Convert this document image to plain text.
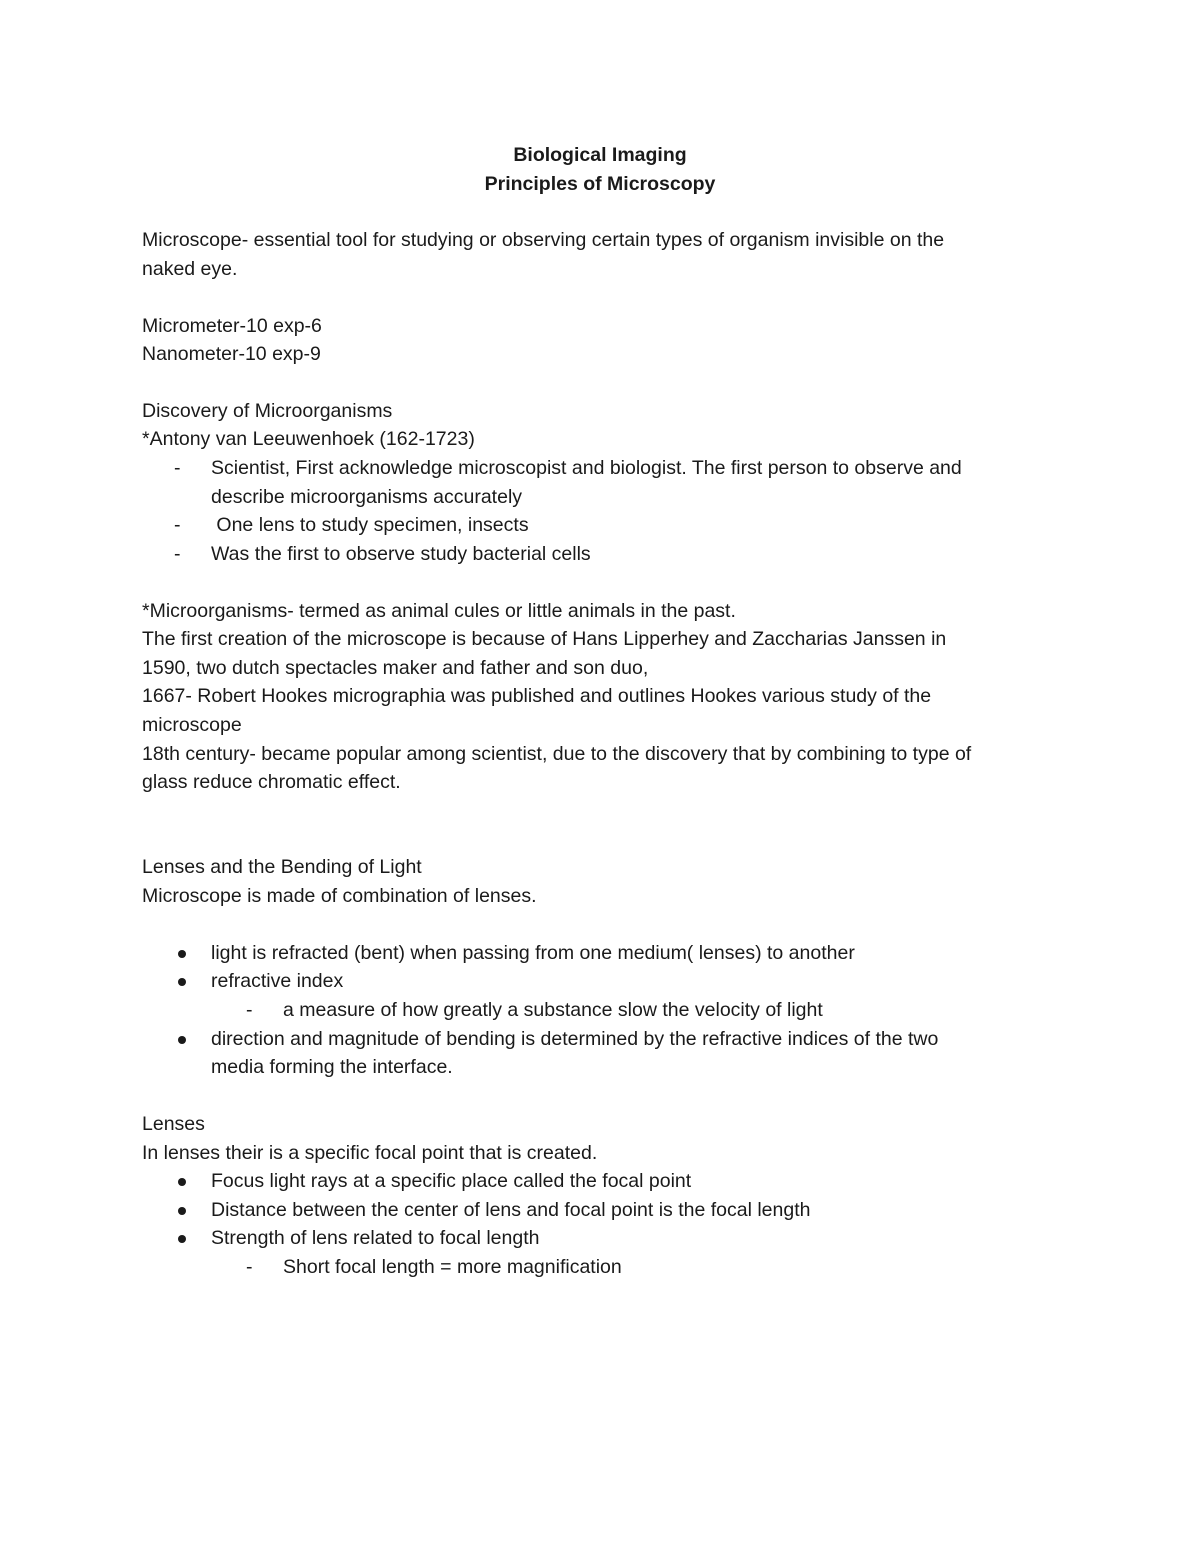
Biological Imaging
Principles of Microscopy
Microscope- essential tool for studying or observing certain types of organism invisible on the
naked eye.
Micrometer-10 exp-6
Nanometer-10 exp-9
Discovery of Microorganisms
*Antony van Leeuwenhoek (162-1723)
- Scientist, First acknowledge microscopist and biologist. The first person to observe and
describe microorganisms accurately
- One lens to study specimen, insects
- Was the first to observe study bacterial cells
*Microorganisms- termed as animal cules or little animals in the past.
The first creation of the microscope is because of Hans Lipperhey and Zaccharias Janssen in
1590, two dutch spectacles maker and father and son duo,
1667- Robert Hookes micrographia was published and outlines Hookes various study of the
microscope
18th century- became popular among scientist, due to the discovery that by combining to type of
glass reduce chromatic effect.
Lenses and the Bending of Light
Microscope is made of combination of lenses.
light is refracted (bent) when passing from one medium( lenses) to another
refractive index
- a measure of how greatly a substance slow the velocity of light
direction and magnitude of bending is determined by the refractive indices of the two
media forming the interface.
Lenses
In lenses their is a specific focal point that is created.
Focus light rays at a specific place called the focal point
Distance between the center of lens and focal point is the focal length
Strength of lens related to focal length
- Short focal length = more magnification
